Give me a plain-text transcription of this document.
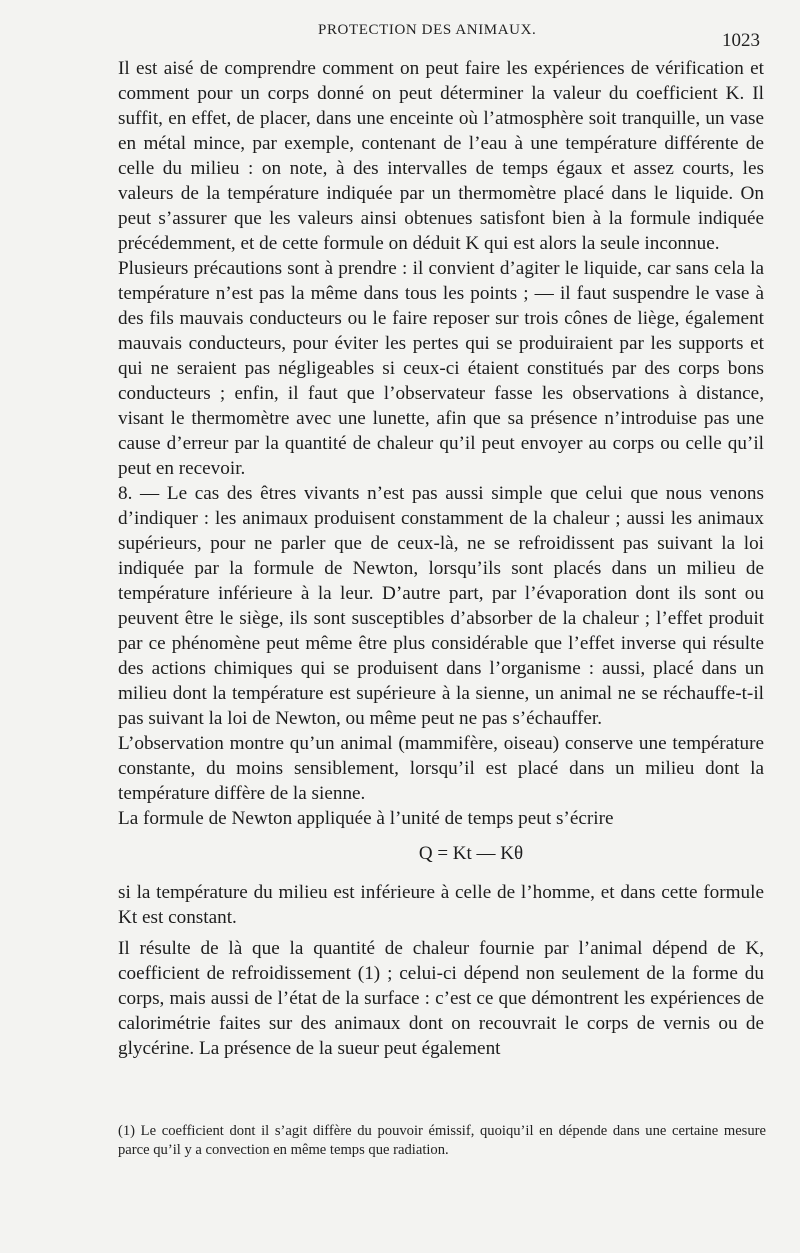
PROTECTION DES ANIMAUX.	1023

Il est aisé de comprendre comment on peut faire les expériences de vérification et comment pour un corps donné on peut déterminer la valeur du coefficient K. Il suffit, en effet, de placer, dans une enceinte où l’atmosphère soit tranquille, un vase en métal mince, par exemple, contenant de l’eau à une température différente de celle du milieu : on note, à des intervalles de temps égaux et assez courts, les valeurs de la température indiquée par un thermomètre placé dans le liquide. On peut s’assurer que les valeurs ainsi obtenues satisfont bien à la formule indiquée précédemment, et de cette formule on déduit K qui est alors la seule inconnue.

Plusieurs précautions sont à prendre : il convient d’agiter le liquide, car sans cela la température n’est pas la même dans tous les points ; — il faut suspendre le vase à des fils mauvais conducteurs ou le faire reposer sur trois cônes de liège, également mauvais conducteurs, pour éviter les pertes qui se produiraient par les supports et qui ne seraient pas négligeables si ceux-ci étaient constitués par des corps bons conducteurs ; enfin, il faut que l’observateur fasse les observations à distance, visant le thermomètre avec une lunette, afin que sa présence n’introduise pas une cause d’erreur par la quantité de chaleur qu’il peut envoyer au corps ou celle qu’il peut en recevoir.

8. — Le cas des êtres vivants n’est pas aussi simple que celui que nous venons d’indiquer : les animaux produisent constamment de la chaleur ; aussi les animaux supérieurs, pour ne parler que de ceux-là, ne se refroidissent pas suivant la loi indiquée par la formule de Newton, lorsqu’ils sont placés dans un milieu de température inférieure à la leur. D’autre part, par l’évaporation dont ils sont ou peuvent être le siège, ils sont susceptibles d’absorber de la chaleur ; l’effet produit par ce phénomène peut même être plus considérable que l’effet inverse qui résulte des actions chimiques qui se produisent dans l’organisme : aussi, placé dans un milieu dont la température est supérieure à la sienne, un animal ne se réchauffe-t-il pas suivant la loi de Newton, ou même peut ne pas s’échauffer.

L’observation montre qu’un animal (mammifère, oiseau) conserve une température constante, du moins sensiblement, lorsqu’il est placé dans un milieu dont la température diffère de la sienne.

La formule de Newton appliquée à l’unité de temps peut s’écrire

Q = Kt — Kθ

si la température du milieu est inférieure à celle de l’homme, et dans cette formule Kt est constant.

Il résulte de là que la quantité de chaleur fournie par l’animal dépend de K, coefficient de refroidissement (1) ; celui-ci dépend non seulement de la forme du corps, mais aussi de l’état de la surface : c’est ce que démontrent les expériences de calorimétrie faites sur des animaux dont on recouvrait le corps de vernis ou de glycérine. La présence de la sueur peut également

(1) Le coefficient dont il s’agit diffère du pouvoir émissif, quoiqu’il en dépende dans une certaine mesure parce qu’il y a convection en même temps que radiation.
